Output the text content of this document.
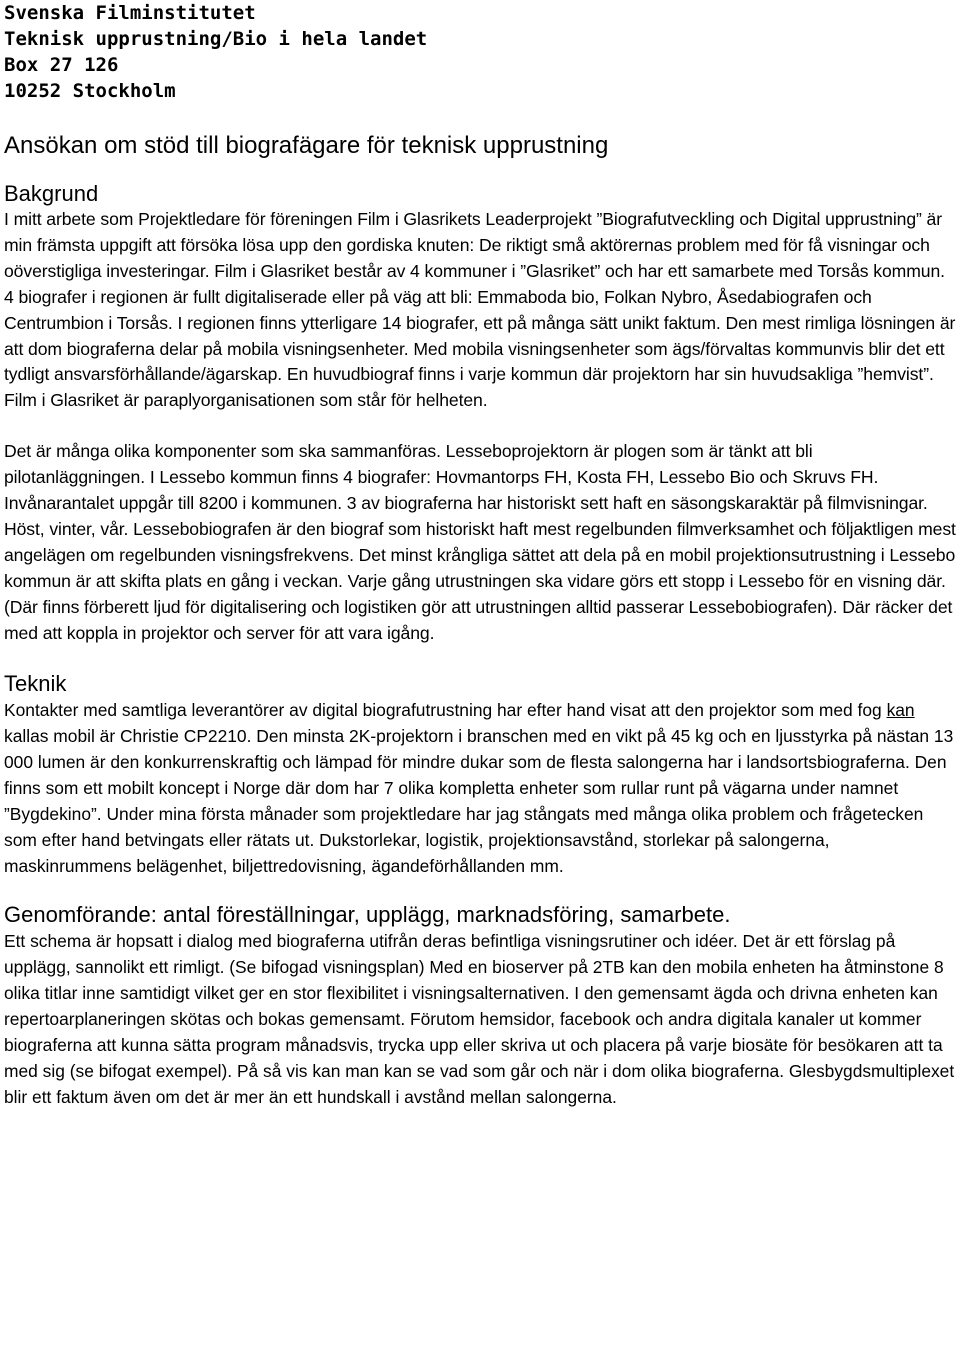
Svenska Filminstitutet
Teknisk upprustning/Bio i hela landet
Box 27 126
10252 Stockholm
Ansökan om stöd till biografägare för teknisk upprustning
Bakgrund

I mitt arbete som Projektledare för föreningen Film i Glasrikets Leaderprojekt ”Biografutveckling och Digital upprustning” är min främsta uppgift att försöka lösa upp den gordiska knuten: De riktigt små aktörernas problem med för få visningar och oöverstigliga investeringar. Film i Glasriket består av 4 kommuner i ”Glasriket” och har ett samarbete med Torsås kommun. 4 biografer i regionen är fullt digitaliserade eller på väg att bli: Emmaboda bio, Folkan Nybro, Åsedabiografen och Centrumbion i Torsås. I regionen finns ytterligare 14 biografer, ett på många sätt unikt faktum. Den mest rimliga lösningen är att dom biograferna delar på mobila visningsenheter. Med mobila visningsenheter som ägs/förvaltas kommunvis blir det ett tydligt ansvarsförhållande/ägarskap. En huvudbiograf finns i varje kommun där projektorn har sin huvudsakliga ”hemvist”. Film i Glasriket är paraplyorganisationen som står för helheten.

Det är många olika komponenter som ska sammanföras. Lesseboprojektorn är plogen som är tänkt att bli pilotanläggningen. I Lessebo kommun finns 4 biografer: Hovmantorps FH, Kosta FH, Lessebo Bio och Skruvs FH. Invånarantalet uppgår till 8200 i kommunen. 3 av biograferna har historiskt sett haft en säsongskaraktär på filmvisningar. Höst, vinter, vår. Lessebobiografen är den biograf som historiskt haft mest regelbunden filmverksamhet och följaktligen mest angelägen om regelbunden visningsfrekvens. Det minst krångliga sättet att dela på en mobil projektionsutrustning i Lessebo kommun är att skifta plats en gång i veckan. Varje gång utrustningen ska vidare görs ett stopp i Lessebo för en visning där. (Där finns förberett ljud för digitalisering och logistiken gör att utrustningen alltid passerar Lessebobiografen). Där räcker det med att koppla in projektor och server för att vara igång.

Teknik

Kontakter med samtliga leverantörer av digital biografutrustning har efter hand visat att den projektor som med fog kan kallas mobil är Christie CP2210. Den minsta 2K-projektorn i branschen med en vikt på 45 kg och en ljusstyrka på nästan 13 000 lumen är den konkurrenskraftig och lämpad för mindre dukar som de flesta salongerna har i landsortsbiograferna. Den finns som ett mobilt koncept i Norge där dom har 7 olika kompletta enheter som rullar runt på vägarna under namnet ”Bygdekino”. Under mina första månader som projektledare har jag stångats med många olika problem och frågetecken som efter hand betvingats eller rätats ut. Dukstorlekar, logistik, projektionsavstånd, storlekar på salongerna, maskinrummens belägenhet, biljettredovisning, ägandeförhållanden mm.

Genomförande: antal föreställningar, upplägg, marknadsföring, samarbete.

Ett schema är hopsatt i dialog med biograferna utifrån deras befintliga visningsrutiner och idéer. Det är ett förslag på upplägg, sannolikt ett rimligt. (Se bifogad visningsplan) Med en bioserver på 2TB kan den mobila enheten ha åtminstone 8 olika titlar inne samtidigt vilket ger en stor flexibilitet i visningsalternativen. I den gemensamt ägda och drivna enheten kan repertoarplaneringen skötas och bokas gemensamt. Förutom hemsidor, facebook och andra digitala kanaler ut kommer biograferna att kunna sätta program månadsvis, trycka upp eller skriva ut och placera på varje biosäte för besökaren att ta med sig (se bifogat exempel). På så vis kan man kan se vad som går och när i dom olika biograferna. Glesbygdsmultiplexet blir ett faktum även om det är mer än ett hundskall i avstånd mellan salongerna.
